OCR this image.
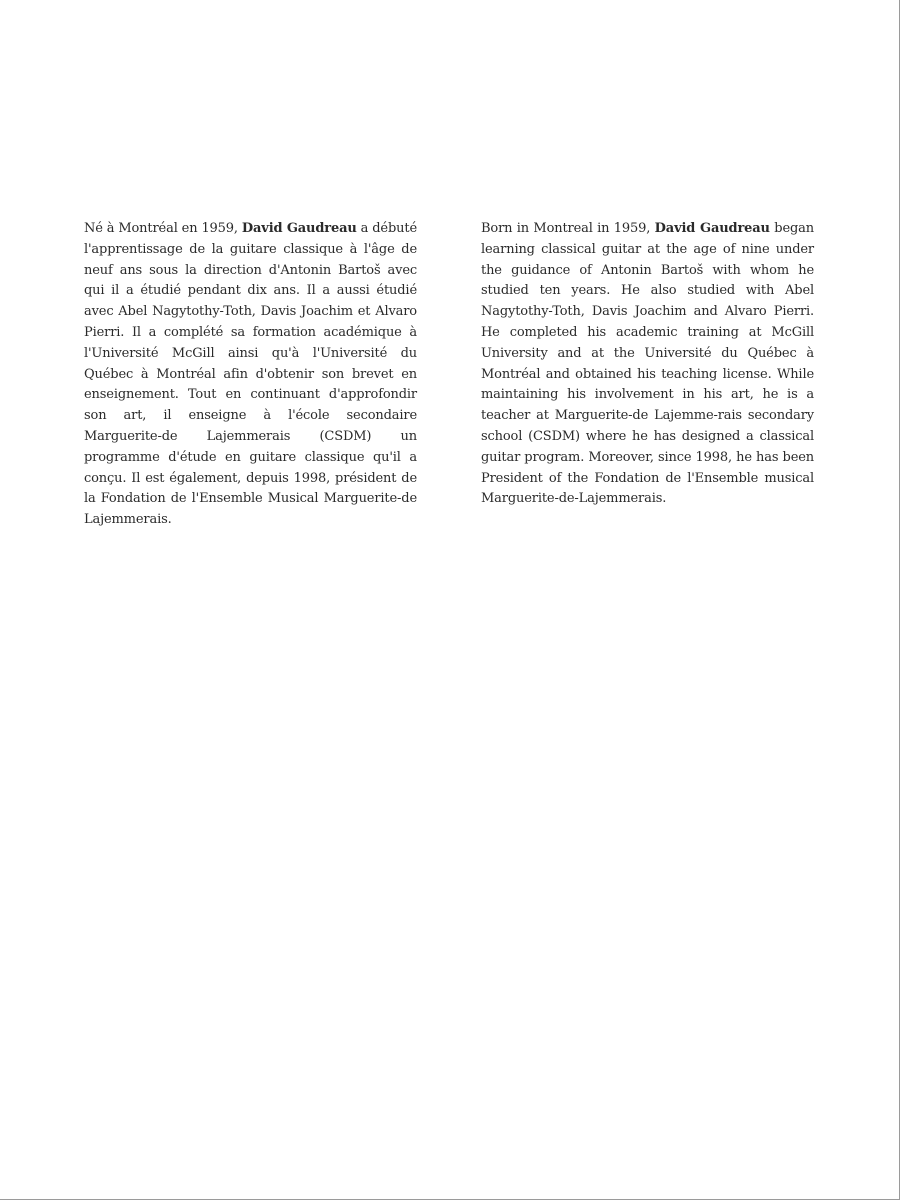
Né à Montréal en 1959, David Gaudreau a débuté l'apprentissage de la guitare classique à l'âge de neuf ans sous la direction d'Antonin Bartoš avec qui il a étudié pendant dix ans. Il a aussi étudié avec Abel Nagytothy-Toth, Davis Joachim et Alvaro Pierri. Il a complété sa formation académique à l'Université McGill ainsi qu'à l'Université du Québec à Montréal afin d'obtenir son brevet en enseignement. Tout en continuant d'approfondir son art, il enseigne à l'école secondaire Marguerite-de Lajemmerais (CSDM) un programme d'étude en guitare classique qu'il a conçu. Il est également, depuis 1998, président de la Fondation de l'Ensemble Musical Marguerite-de Lajemmerais.
Born in Montreal in 1959, David Gaudreau began learning classical guitar at the age of nine under the guidance of Antonin Bartoš with whom he studied ten years. He also studied with Abel Nagytothy-Toth, Davis Joachim and Alvaro Pierri. He completed his academic training at McGill University and at the Université du Québec à Montréal and obtained his teaching license. While maintaining his involvement in his art, he is a teacher at Marguerite-de Lajemme-rais secondary school (CSDM) where he has designed a classical guitar program. Moreover, since 1998, he has been President of the Fondation de l'Ensemble musical Marguerite-de-Lajemmerais.
